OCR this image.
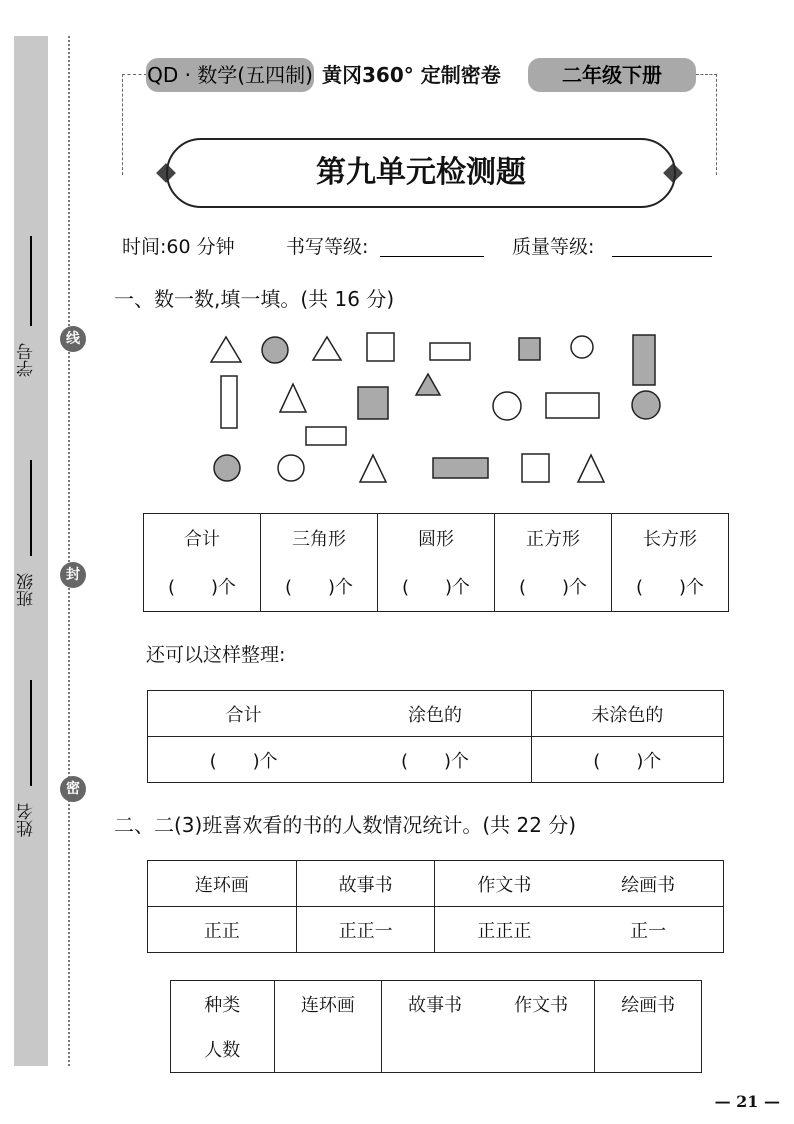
学号
班级
姓名
线
封
密
QD · 数学(五四制) 黄冈360° 定制密卷	二年级下册
第九单元检测题
时间:60 分钟	书写等级:	质量等级:
一、数一数,填一填。(共 16 分)
合计	三角形	圆形	正方形	长方形
(　　)个	(　　)个	(　　)个	(　　)个	(　　)个
还可以这样整理:
合计	涂色的	未涂色的
(　　)个	(　　)个	(　　)个
二、二(3)班喜欢看的书的人数情况统计。(共 22 分)
连环画	故事书	作文书	绘画书
正正	正正一	正正正	正一
种类	连环画	故事书	作文书	绘画书
人数				
— 21 —
